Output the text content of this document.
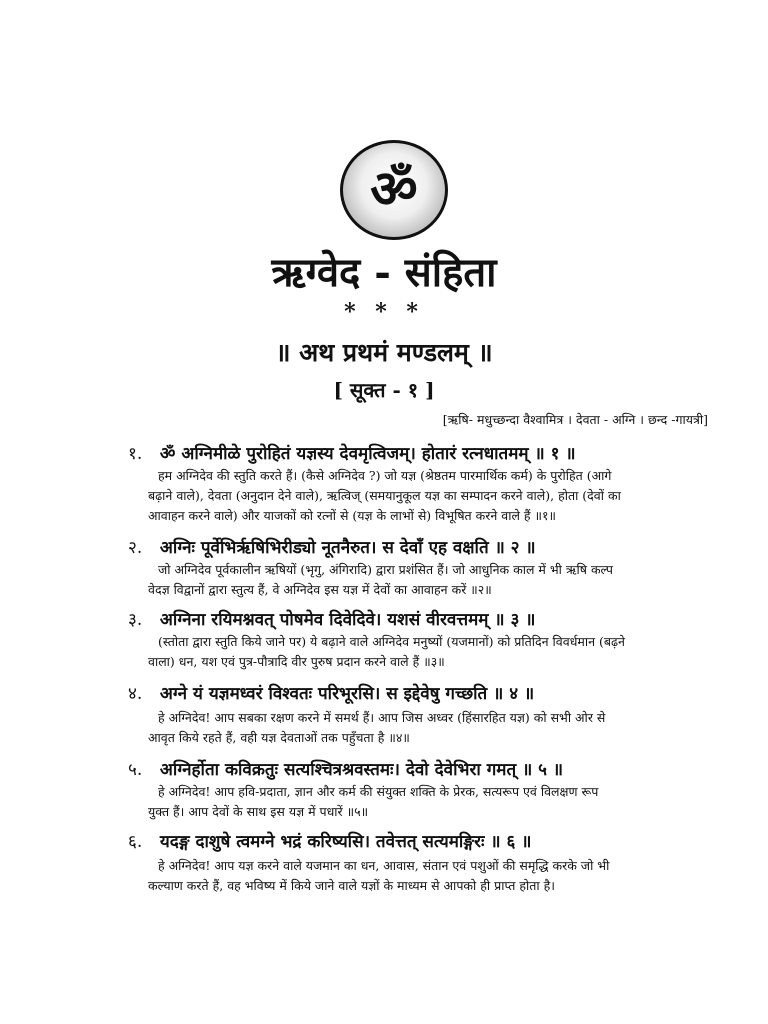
ॐ
ऋग्वेद - संहिता
* * *
॥ अथ प्रथमं मण्डलम् ॥
[ सूक्त - १ ]
[ऋषि- मधुच्छन्दा वैश्वामित्र । देवता - अग्नि । छन्द -गायत्री]
१. ॐ अग्निमीळे पुरोहितं यज्ञस्य देवमृत्विजम्। होतारं रत्नधातमम् ॥ १ ॥

हम अग्निदेव की स्तुति करते हैं। (कैसे अग्निदेव ?) जो यज्ञ (श्रेष्ठतम पारमार्थिक कर्म) के पुरोहित (आगे

बढ़ाने वाले), देवता (अनुदान देने वाले), ऋत्विज् (समयानुकूल यज्ञ का सम्पादन करने वाले), होता (देवों का

आवाहन करने वाले) और याजकों को रत्नों से (यज्ञ के लाभों से) विभूषित करने वाले हैं ॥१॥

२. अग्निः पूर्वेभिर्ऋषिभिरीड्यो नूतनैरुत। स देवाँ एह वक्षति ॥ २ ॥

जो अग्निदेव पूर्वकालीन ऋषियों (भृगु, अंगिरादि) द्वारा प्रशंसित हैं। जो आधुनिक काल में भी ऋषि कल्प

वेदज्ञ विद्वानों द्वारा स्तुत्य हैं, वे अग्निदेव इस यज्ञ में देवों का आवाहन करें ॥२॥

३. अग्निना रयिमश्नवत् पोषमेव दिवेदिवे। यशसं वीरवत्तमम् ॥ ३ ॥

(स्तोता द्वारा स्तुति किये जाने पर) ये बढ़ाने वाले अग्निदेव मनुष्यों (यजमानों) को प्रतिदिन विवर्धमान (बढ़ने

वाला) धन, यश एवं पुत्र-पौत्रादि वीर पुरुष प्रदान करने वाले हैं ॥३॥

४. अग्ने यं यज्ञमध्वरं विश्वतः परिभूरसि। स इद्देवेषु गच्छति ॥ ४ ॥

हे अग्निदेव! आप सबका रक्षण करने में समर्थ हैं। आप जिस अध्वर (हिंसारहित यज्ञ) को सभी ओर से

आवृत किये रहते हैं, वही यज्ञ देवताओं तक पहुँचता है ॥४॥

५. अग्निर्होता कविक्रतुः सत्यश्चित्रश्रवस्तमः। देवो देवेभिरा गमत् ॥ ५ ॥

हे अग्निदेव! आप हवि-प्रदाता, ज्ञान और कर्म की संयुक्त शक्ति के प्रेरक, सत्यरूप एवं विलक्षण रूप

युक्त हैं। आप देवों के साथ इस यज्ञ में पधारें ॥५॥

६. यदङ्ग दाशुषे त्वमग्ने भद्रं करिष्यसि। तवेत्तत् सत्यमङ्गिरः ॥ ६ ॥

हे अग्निदेव! आप यज्ञ करने वाले यजमान का धन, आवास, संतान एवं पशुओं की समृद्धि करके जो भी

कल्याण करते हैं, वह भविष्य में किये जाने वाले यज्ञों के माध्यम से आपको ही प्राप्त होता है।
